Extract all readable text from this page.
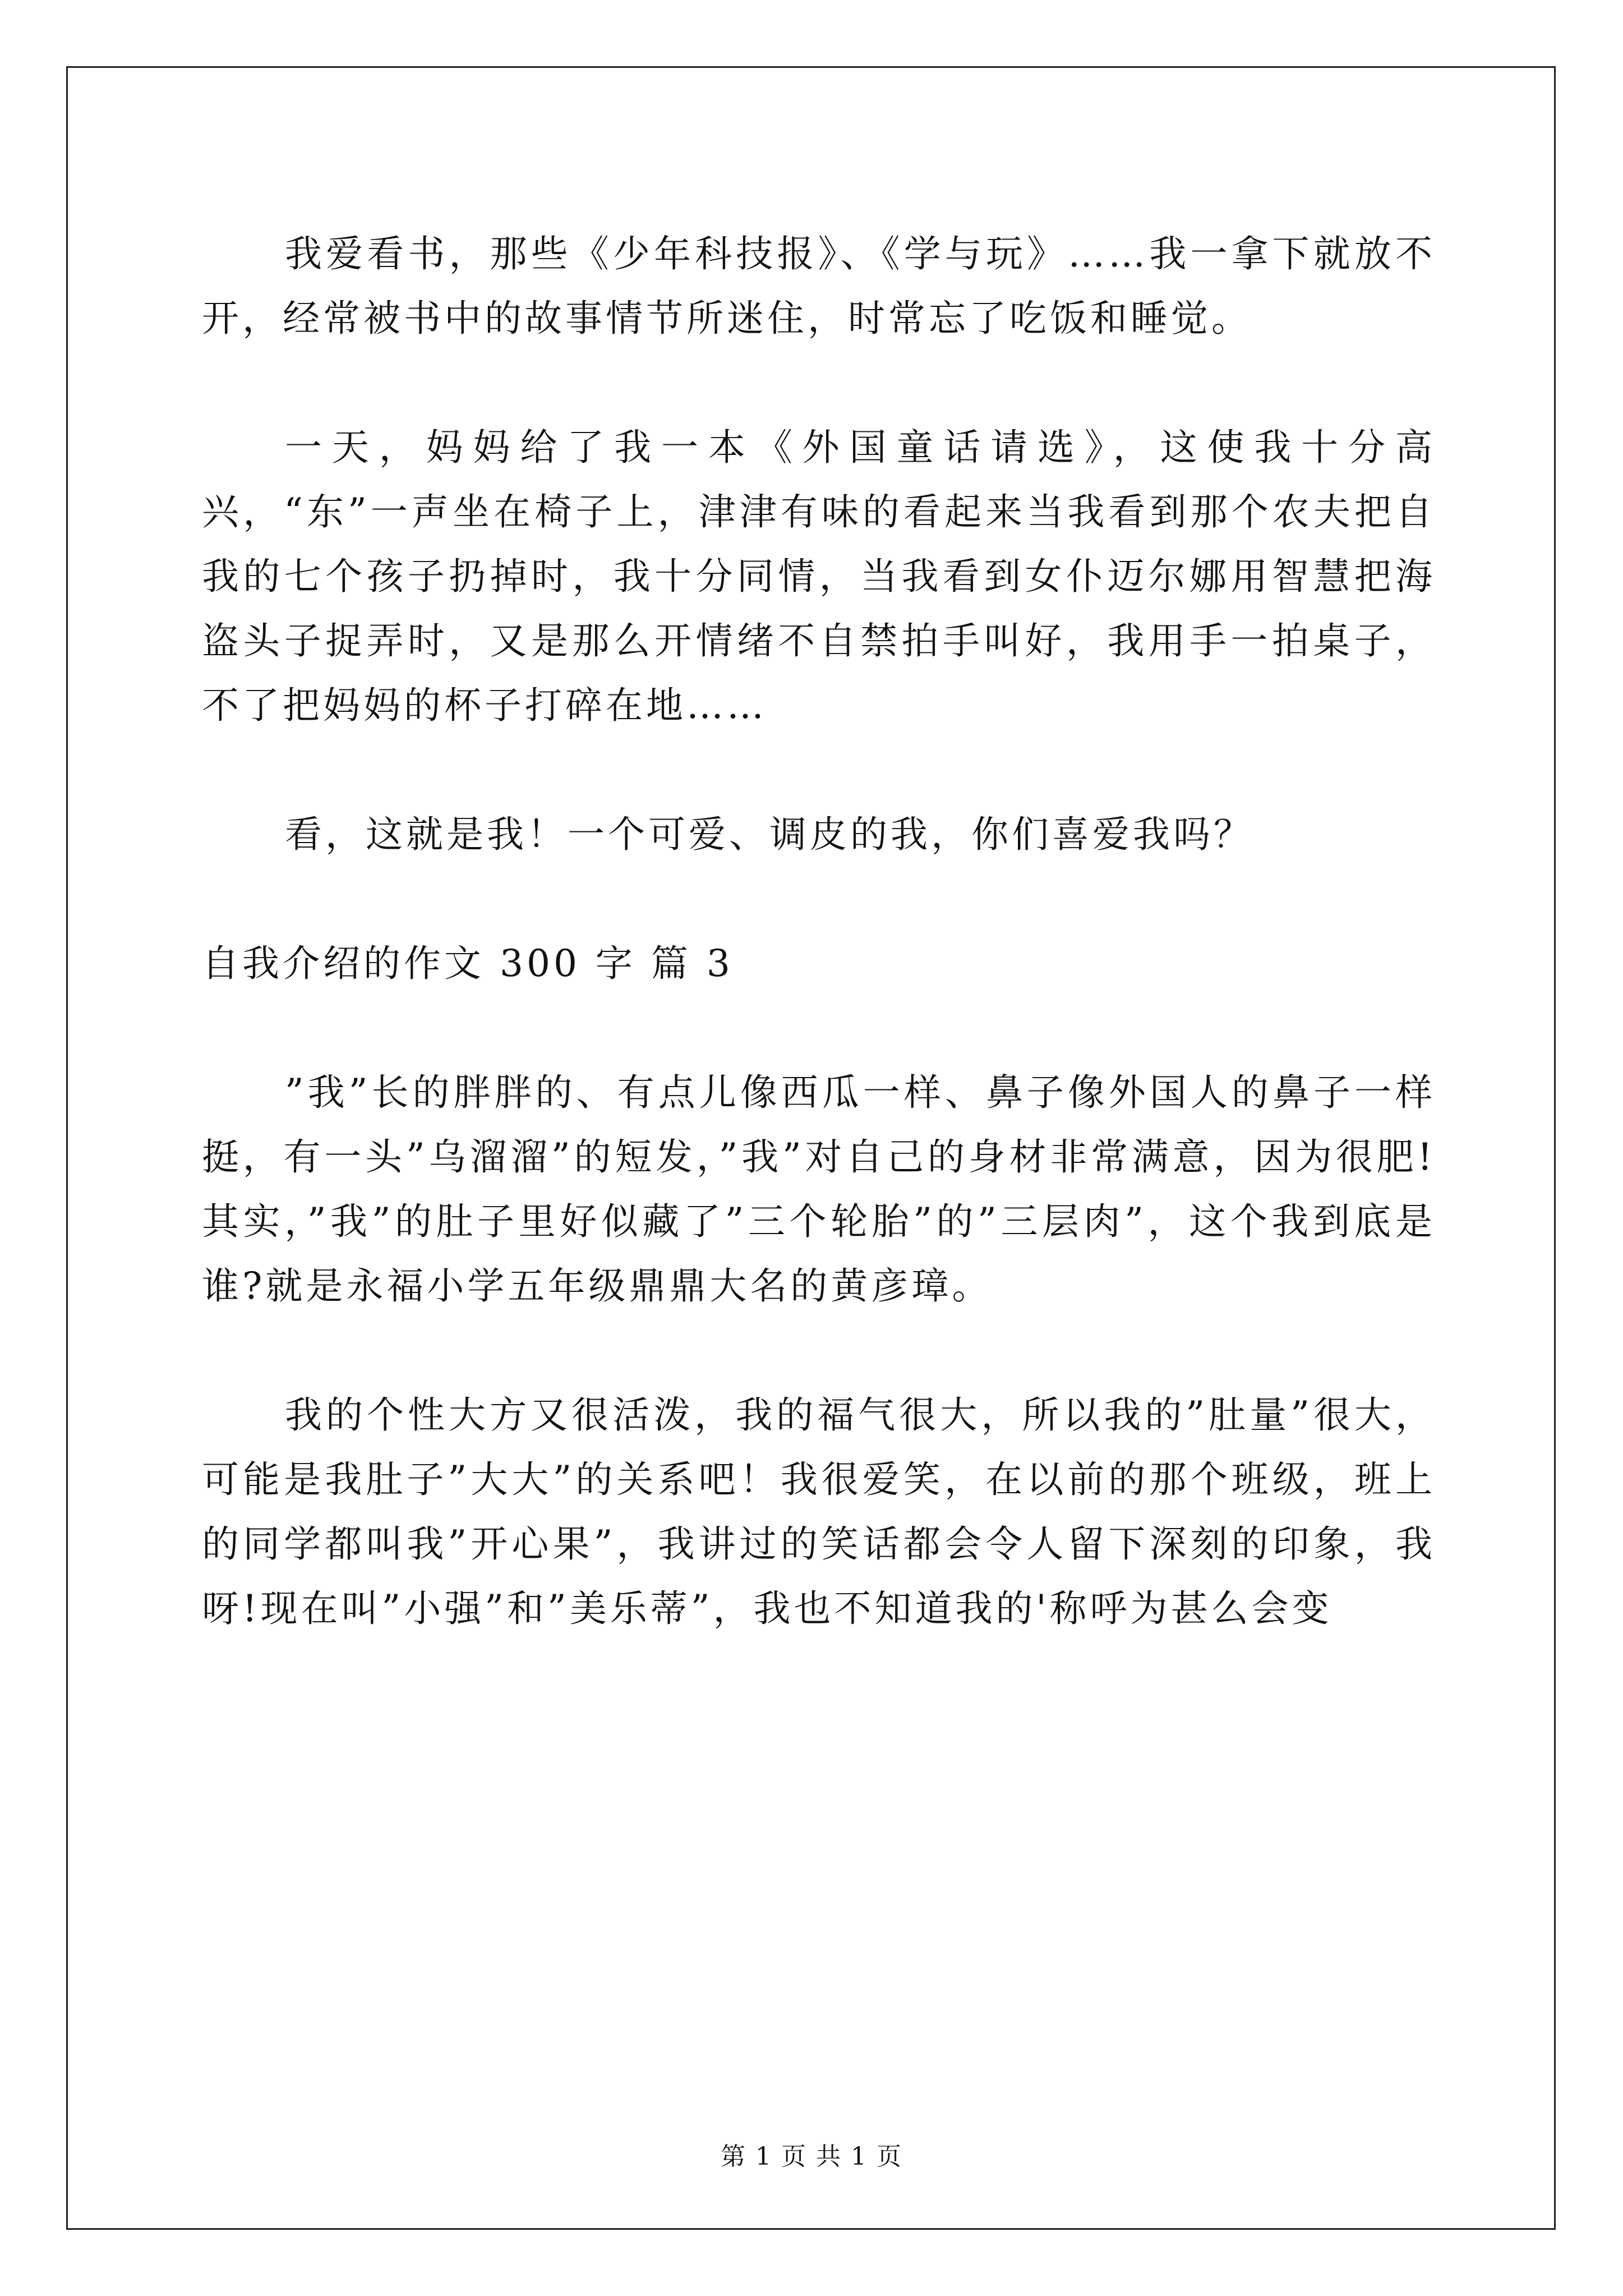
我爱看书，那些《少年科技报》、《学与玩》……我一拿下就放不开，经常被书中的故事情节所迷住，时常忘了吃饭和睡觉。

一天，妈妈给了我一本《外国童话请选》，这使我十分高兴，“东”一声坐在椅子上，津津有味的看起来当我看到那个农夫把自我的七个孩子扔掉时，我十分同情，当我看到女仆迈尔娜用智慧把海盗头子捉弄时，又是那么开情绪不自禁拍手叫好，我用手一拍桌子，不了把妈妈的杯子打碎在地……

看，这就是我！一个可爱、调皮的我，你们喜爱我吗？

自我介绍的作文 300 字 篇 3

”我”长的胖胖的、有点儿像西瓜一样、鼻子像外国人的鼻子一样挺，有一头”乌溜溜”的短发，”我”对自己的身材非常满意，因为很肥!其实，”我”的肚子里好似藏了”三个轮胎”的”三层肉”，这个我到底是谁?就是永福小学五年级鼎鼎大名的黄彦璋。

我的个性大方又很活泼，我的福气很大，所以我的”肚量”很大，可能是我肚子”大大”的关系吧！我很爱笑，在以前的那个班级，班上的同学都叫我”开心果”，我讲过的笑话都会令人留下深刻的印象，我呀!现在叫”小强”和”美乐蒂”，我也不知道我的'称呼为甚么会变

第 1 页 共 1 页
